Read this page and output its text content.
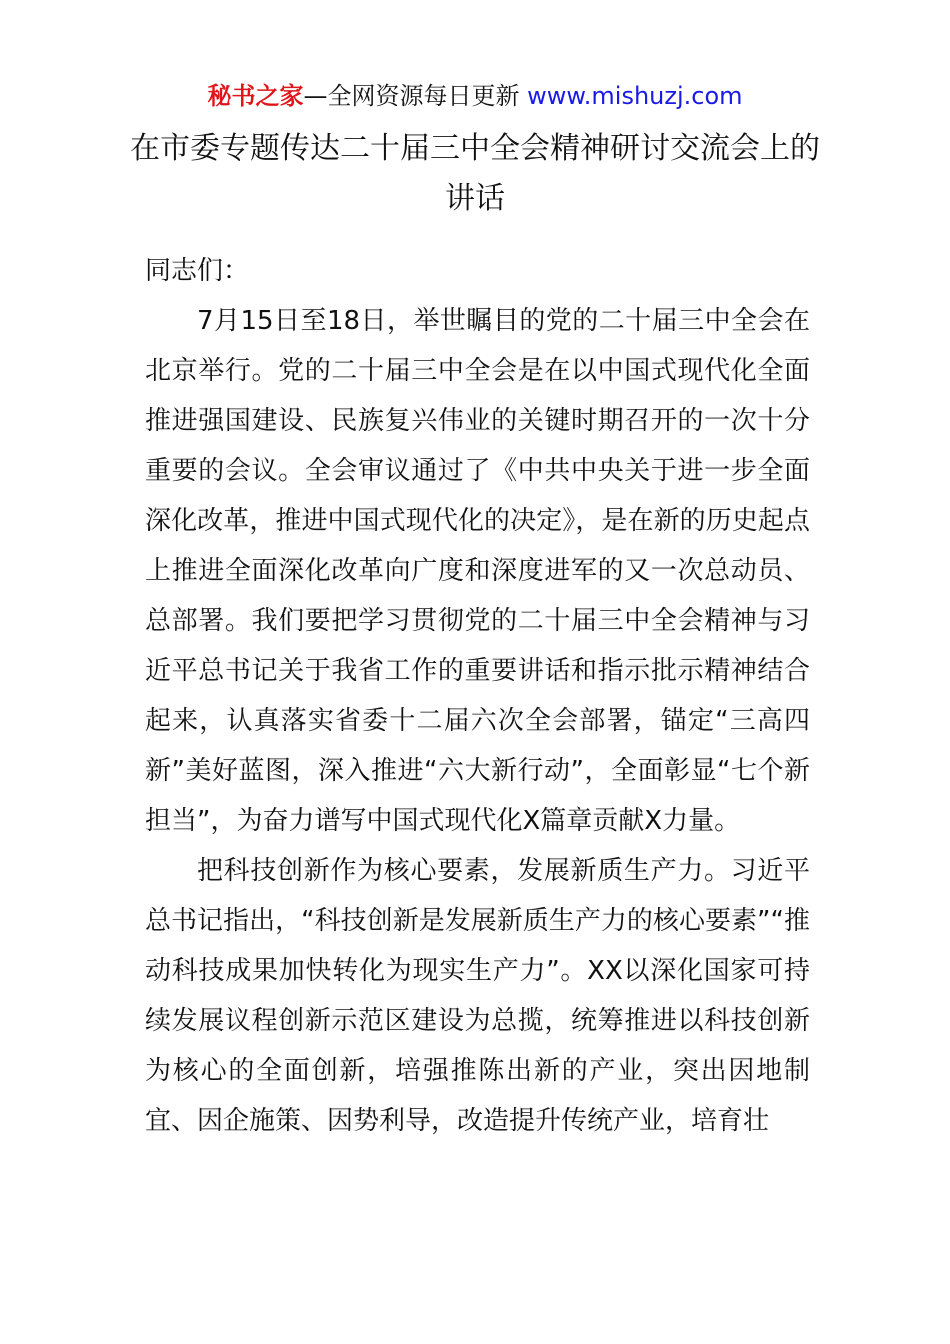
秘书之家—全网资源每日更新 www.mishuzj.com
在市委专题传达二十届三中全会精神研讨交流会上的讲话

同志们：

7月15日至18日，举世瞩目的党的二十届三中全会在北京举行。党的二十届三中全会是在以中国式现代化全面推进强国建设、民族复兴伟业的关键时期召开的一次十分重要的会议。全会审议通过了《中共中央关于进一步全面深化改革，推进中国式现代化的决定》，是在新的历史起点上推进全面深化改革向广度和深度进军的又一次总动员、总部署。我们要把学习贯彻党的二十届三中全会精神与习近平总书记关于我省工作的重要讲话和指示批示精神结合起来，认真落实省委十二届六次全会部署，锚定“三高四新”美好蓝图，深入推进“六大新行动”，全面彰显“七个新担当”，为奋力谱写中国式现代化X篇章贡献X力量。

把科技创新作为核心要素，发展新质生产力。习近平总书记指出，“科技创新是发展新质生产力的核心要素”“推动科技成果加快转化为现实生产力”。XX以深化国家可持续发展议程创新示范区建设为总揽，统筹推进以科技创新为核心的全面创新，培强推陈出新的产业，突出因地制宜、因企施策、因势利导，改造提升传统产业，培育壮
